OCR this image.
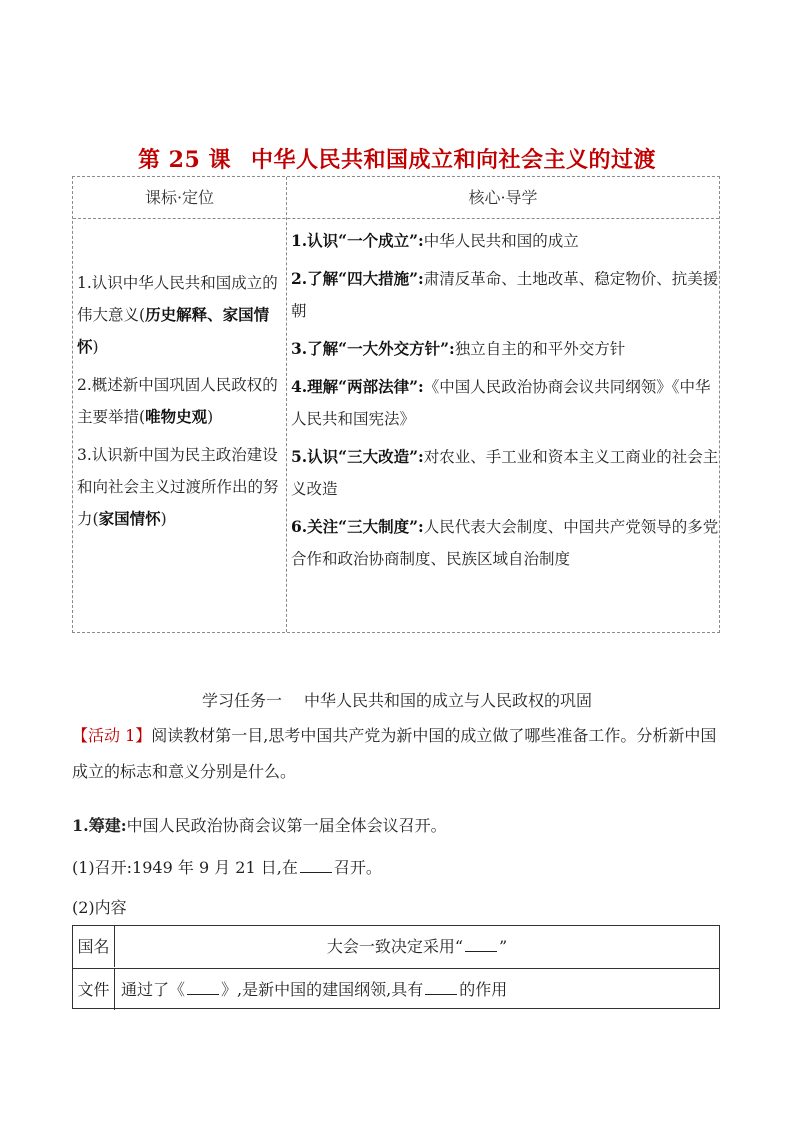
第 25 课 中华人民共和国成立和向社会主义的过渡
课标·定位	核心·导学
1.认识中华人民共和国成立的伟大意义(历史解释、家国情怀)
2.概述新中国巩固人民政权的主要举措(唯物史观)
3.认识新中国为民主政治建设和向社会主义过渡所作出的努力(家国情怀)
1.认识“一个成立”:中华人民共和国的成立
2.了解“四大措施”:肃清反革命、土地改革、稳定物价、抗美援朝
3.了解“一大外交方针”:独立自主的和平外交方针
4.理解“两部法律”:《中国人民政治协商会议共同纲领》《中华人民共和国宪法》
5.认识“三大改造”:对农业、手工业和资本主义工商业的社会主义改造
6.关注“三大制度”:人民代表大会制度、中国共产党领导的多党合作和政治协商制度、民族区域自治制度
学习任务一 中华人民共和国的成立与人民政权的巩固
【活动 1】阅读教材第一目,思考中国共产党为新中国的成立做了哪些准备工作。分析新中国成立的标志和意义分别是什么。
1.筹建:中国人民政治协商会议第一届全体会议召开。
(1)召开:1949 年 9 月 21 日,在 召开。
(2)内容
国名	大会一致决定采用“ ”
文件 通过了《 》,是新中国的建国纲领,具有 的作用
